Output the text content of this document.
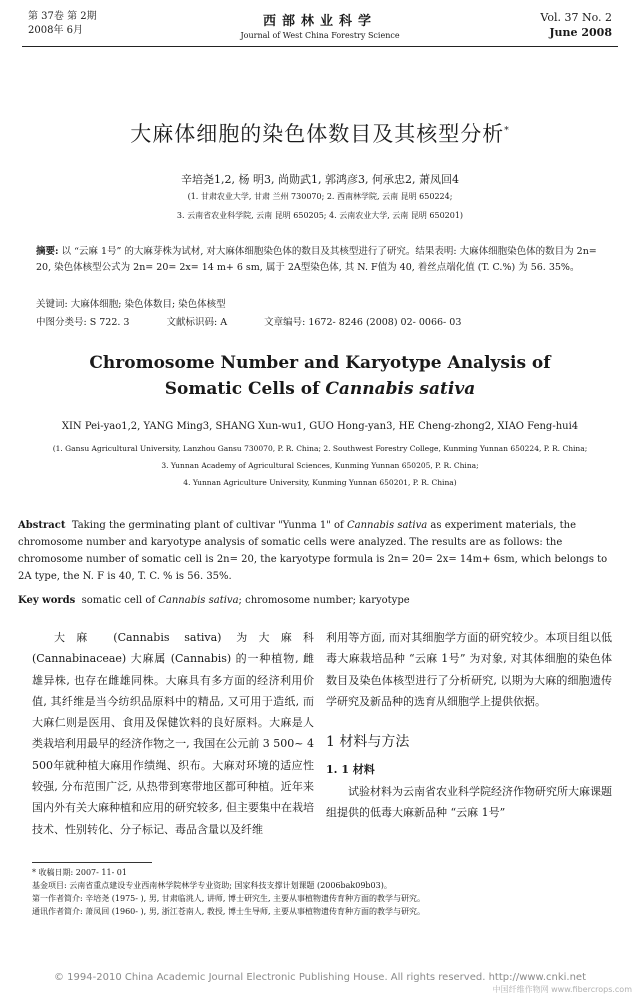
第 37卷 第 2期
2008年 6月
西部林业科学
Journal of West China Forestry Science
Vol. 37 No. 2
June 2008
大麻体细胞的染色体数目及其核型分析*
辛培尧1,2, 杨 明3, 尚勋武1, 郭鸿彦3, 何承忠2, 萧凤回4
(1. 甘肃农业大学, 甘肃 兰州 730070; 2. 西南林学院, 云南 昆明 650224;
3. 云南省农业科学院, 云南 昆明 650205; 4. 云南农业大学, 云南 昆明 650201)
摘要: 以 “云麻 1号” 的大麻芽株为试材, 对大麻体细胞染色体的数目及其核型进行了研究。结果表明: 大麻体细胞染色体的数目为 2n= 20, 染色体核型公式为 2n= 20= 2x= 14 m+ 6 sm, 属于 2A型染色体, 其 N. F值为 40, 着丝点端化值 (T. C.%) 为 56. 35%。
关键词: 大麻体细胞; 染色体数目; 染色体核型
中图分类号: S 722. 3	文献标识码: A	文章编号: 1672- 8246 (2008) 02- 0066- 03
Chromosome Number and Karyotype Analysis of
Somatic Cells of Cannabis sativa
XIN Pei-yao1,2, YANG Ming3, SHANG Xun-wu1, GUO Hong-yan3, HE Cheng-zhong2, XIAO Feng-hui4
(1. Gansu Agricultural University, Lanzhou Gansu 730070, P. R. China; 2. Southwest Forestry College, Kunming Yunnan 650224, P. R. China;
3. Yunnan Academy of Agricultural Sciences, Kunming Yunnan 650205, P. R. China;
4. Yunnan Agriculture University, Kunming Yunnan 650201, P. R. China)
Abstract Taking the germinating plant of cultivar "Yunma 1" of Cannabis sativa as experiment materials, the chromosome number and karyotype analysis of somatic cells were analyzed. The results are as follows: the chromosome number of somatic cell is 2n= 20, the karyotype formula is 2n= 20= 2x= 14m+ 6sm, which belongs to 2A type, the N. F is 40, T. C. % is 56. 35%.
Key words somatic cell of Cannabis sativa; chromosome number; karyotype

大麻 (Cannabis sativa) 为大麻科 (Cannabinaceae) 大麻属 (Cannabis) 的一种植物, 雌雄异株, 也存在雌雄同株。大麻具有多方面的经济利用价值, 其纤维是当今纺织品原料中的精品, 又可用于造纸, 而大麻仁则是医用、食用及保健饮料的良好原料。大麻是人类栽培利用最早的经济作物之一, 我国在公元前 3 500~ 4 500年就种植大麻用作绩绳、织布。大麻对环境的适应性较强, 分布范围广泛, 从热带到寒带地区都可种植。近年来国内外有关大麻种植和应用的研究较多, 但主要集中在栽培技术、性别转化、分子标记、毒品含量以及纤维

利用等方面, 而对其细胞学方面的研究较少。本项目组以低毒大麻栽培品种 “云麻 1号” 为对象, 对其体细胞的染色体数目及染色体核型进行了分析研究, 以期为大麻的细胞遗传学研究及新品种的选育从细胞学上提供依据。

1 材料与方法
1. 1 材料

试验材料为云南省农业科学院经济作物研究所大麻课题组提供的低毒大麻新品种 “云麻 1号”

* 收稿日期: 2007- 11- 01
基金项目: 云南省重点建设专业西南林学院林学专业资助; 国家科技支撑计划课题 (2006bak09b03)。
第一作者简介: 辛培尧 (1975- ), 男, 甘肃临洮人, 讲师, 博士研究生, 主要从事植物遗传育种方面的教学与研究。
通讯作者简介: 萧凤回 (1960- ), 男, 浙江苍南人, 教授, 博士生导师, 主要从事植物遗传育种方面的教学与研究。
© 1994-2010 China Academic Journal Electronic Publishing House. All rights reserved. http://www.cnki.net
中国纤维作物网 www.fibercrops.com
